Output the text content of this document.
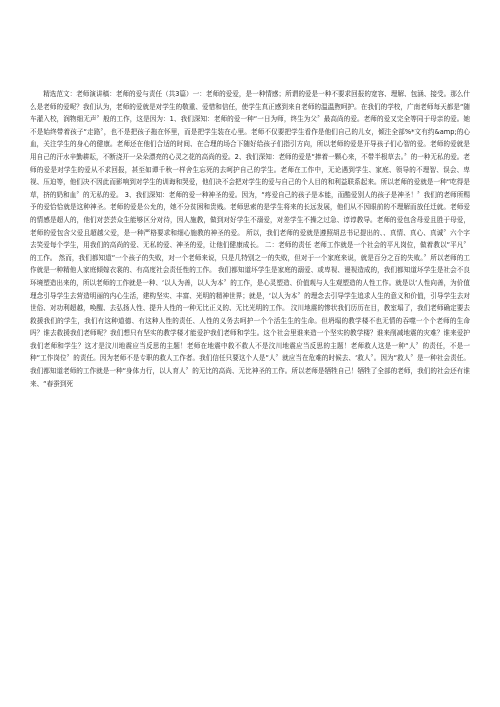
精选范文：老师演讲稿：老师的爱与责任（共3篇）一：老师的爱爱，是一种情感；所谓的爱是一种不要求回报的宽容、理解、包涵、接受。那么什么是老师的爱呢？我们认为，老师的爱就是对学生的敬重、爱惜和信任，使学生真正感到来自老师的温温煦呵护。在我们的学校，广南老师每天都是“随车灌入校，润物细无声〞般的工作，这是因为：1、我们深知：老师的爱一种“一日为师，终生为父〞最高尚的爱。老师的爱又完全等同于母亲的爱。她不是始终带着孩子“走路〞，也不是把孩子拖在怀里，而是把学生装在心里。老师不仅要把学生看作是他们自己的儿女，倾注全部%*文有约&amp;的心血，关注学生的身心的健康。老师还在他们合适的时间、在合理的场合下随好给孩子们指引方向，所以老师的爱是开导孩子们心智的爱。老师的爱就是用自己的汗水辛勤耕耘，不断浇开一朵朵漂亮的心灵之花的高尚的爱。2、我们深知：老师的爱是“捧着一颗心来，不带半根草去。〞的一种无私的爱。老师的爱是对学生的爱从不求回报，甚至如谭千秋一样舍生忘死的去呵护自己的学生。老师在工作中，无论遇到学生、家庭、领导的不理智、误会、卑视、压迫等，他们决不因此而影响到对学生的训诲和哭爱，他们决不会把对学生的爱与自己的个人目的和利益联系起来。所以老师的爱就是一种“吃得是草，挤的奶和血〞的无私的爱。 3、我们深知：老师的爱一种神圣的爱。因为，“疼爱自己的孩子是本能，而酷爱别人的孩子是神圣！〞我们的老师所赐予的爱恰恰就是这种神圣。老师的爱是公允的，她不分贫困和贵贱。老师思索的是学生将来的长远发展，他们从不因眼前的不理解而放任迁就。老师爱的情感是超人的，他们对芸芸众生能够区分对待，因人施教，做到对好学生不溺爱，对差学生不操之过急、谆谆教导。老师的爱包含母爱且胜于母爱，老师的爱包含父爱且超越父爱，是一种严格要求和细心施教的神圣的爱。 所以，我们老师的爱就是遵照胡总书记提出的、、真情、真心、真诚〞六个字去笑爱每个学生，用我们的高尚的爱、无私的爱、神圣的爱，让他们健康成长。 二：老师的责任 老师工作就是一个社会的平凡岗位，做着教以“平凡〞的工作。 然而，我们都知道“一个孩子的失败，对一个老师来说，只是几特别之一的失败，但对于一个家庭来说，就是百分之百的失败。〞所以老师的工作就是一种精他人家庭倾嫁衣裳的、有高度社会责任性的工作。 我们都知道坏学生是家庭的溺爱、或卑视、谩视造成的，我们都知道坏学生是社会不良环境塑造出来的，所以老师的工作就是一种、‘以人为善，以人为本〞的工作，是心灵塑造、价值观与人生观塑造的人性工作。就是以‘人性向善，为价值理念引导学生去营造明丽的内心生活，建构坚实、丰富、光明的精神世界；就是，‘以人为本〞的理念去引导学生追求人生的意义和价值，引导学生去对世俗、对功利超越，唤醒、去弘扬人性、提升人性的一种无比正义的、无比光明的工作。 汶川地震的惨状我们历历在目，教室塌了，我们老师确定要去救援我们的学生，我们有这种道德、有这种人性的责任、人性的义务去呵护一个个活生生的生命。但坍塌的教学楼不也无情的吞噬一个个老师的生命吗？谁去救援我们老师呢？我们想只有坚实的教学楼才能爱护我们老师和学生。这个社会里谁来造一个坚实的教学楼？谁来削减地震的灾难？谁来爱护我们老师和学生？这才是汶川地震应当反思的主题！老师在地震中救不救人不是汶川地震应当反思的主题！老师救人这是一种“人〞的责任，不是一种“工作岗位〞的责任。因为老师不是专职的救人工作者。我们信任只要这个人是“人〞就应当在危难的时候去、‘救人〞。因为“救人〞是一种社会责任。我们都知道老师的工作就是一种“身体力行，以人育人〞的无比的高尚、无比神圣的工作。所以老师是牺牲自己！牺牲了全部的老师，我们的社会还有谁来、“春蚕到死
